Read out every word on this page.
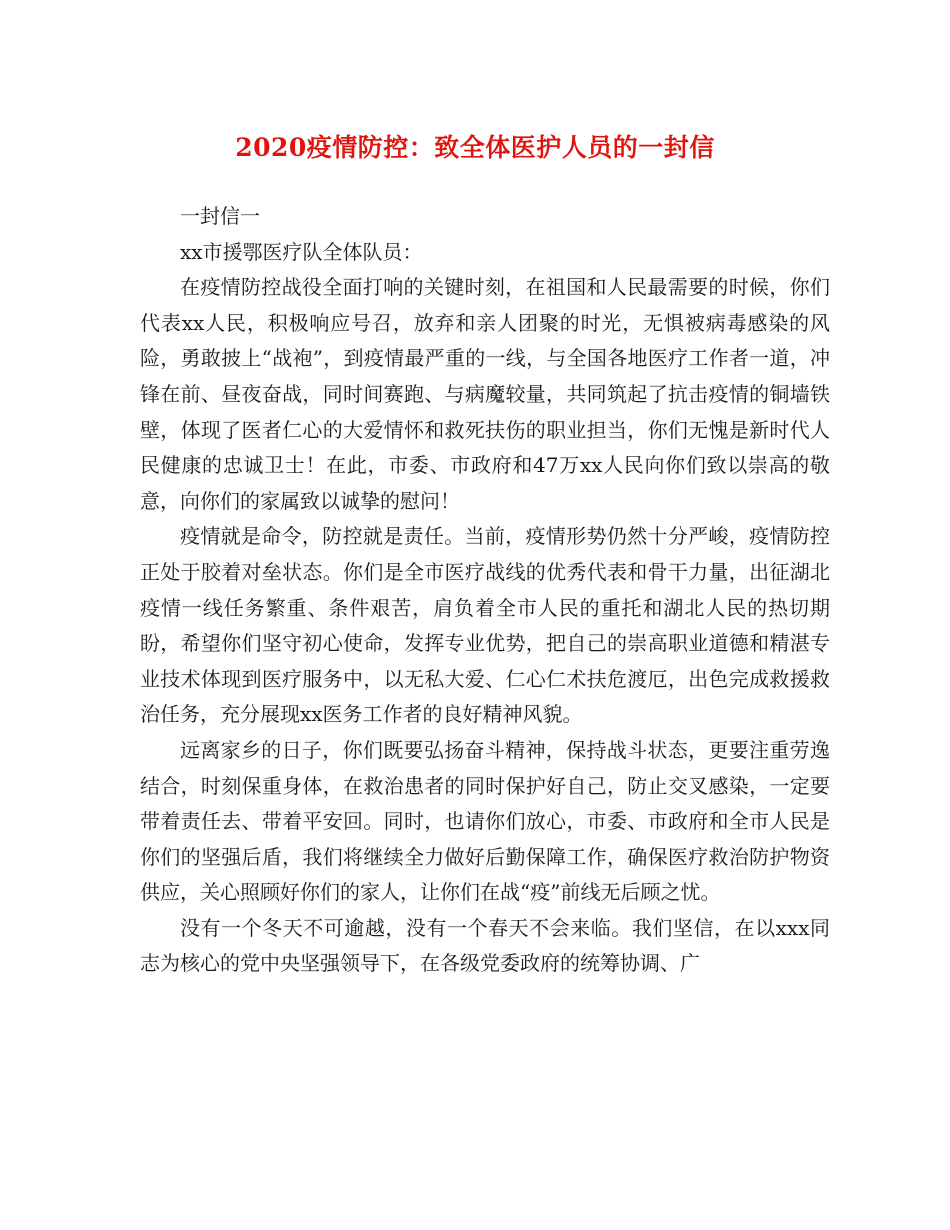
2020疫情防控：致全体医护人员的一封信

一封信一

xx市援鄂医疗队全体队员：

在疫情防控战役全面打响的关键时刻，在祖国和人民最需要的时候，你们代表xx人民，积极响应号召，放弃和亲人团聚的时光，无惧被病毒感染的风险，勇敢披上“战袍”，到疫情最严重的一线，与全国各地医疗工作者一道，冲锋在前、昼夜奋战，同时间赛跑、与病魔较量，共同筑起了抗击疫情的铜墙铁壁，体现了医者仁心的大爱情怀和救死扶伤的职业担当，你们无愧是新时代人民健康的忠诚卫士！在此，市委、市政府和47万xx人民向你们致以崇高的敬意，向你们的家属致以诚挚的慰问！

疫情就是命令，防控就是责任。当前，疫情形势仍然十分严峻，疫情防控正处于胶着对垒状态。你们是全市医疗战线的优秀代表和骨干力量，出征湖北疫情一线任务繁重、条件艰苦，肩负着全市人民的重托和湖北人民的热切期盼，希望你们坚守初心使命，发挥专业优势，把自己的崇高职业道德和精湛专业技术体现到医疗服务中，以无私大爱、仁心仁术扶危渡厄，出色完成救援救治任务，充分展现xx医务工作者的良好精神风貌。

远离家乡的日子，你们既要弘扬奋斗精神，保持战斗状态，更要注重劳逸结合，时刻保重身体，在救治患者的同时保护好自己，防止交叉感染，一定要带着责任去、带着平安回。同时，也请你们放心，市委、市政府和全市人民是你们的坚强后盾，我们将继续全力做好后勤保障工作，确保医疗救治防护物资供应，关心照顾好你们的家人，让你们在战“疫”前线无后顾之忧。

没有一个冬天不可逾越，没有一个春天不会来临。我们坚信，在以xxx同志为核心的党中央坚强领导下，在各级党委政府的统筹协调、广
